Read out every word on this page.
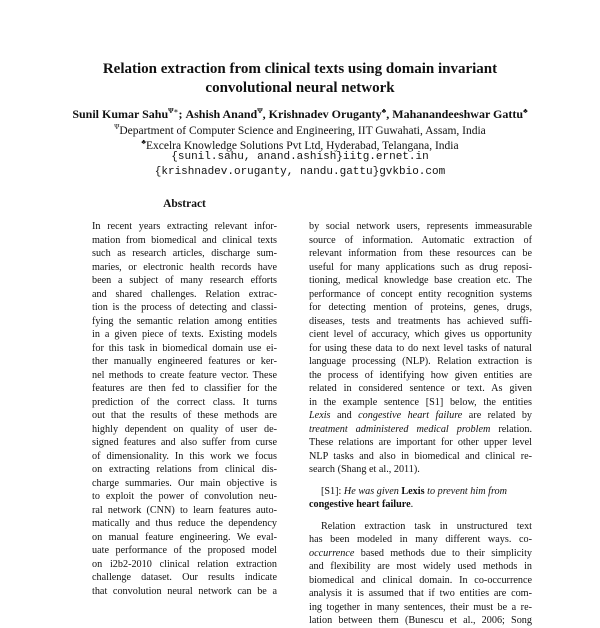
Relation extraction from clinical texts using domain invariant
convolutional neural network
Sunil Kumar Sahu$^{\Psi∗}$; Ashish Anand$^\Psi$, Krishnadev Oruganty♣, Mahanandeeshwar Gattu♣
$^\Psi$Department of Computer Science and Engineering, IIT Guwahati, Assam, India
♣Excelra Knowledge Solutions Pvt Ltd, Hyderabad, Telangana, India
{sunil.sahu, anand.ashish}iitg.ernet.in
{krishnadev.oruganty, nandu.gattu}gvkbio.com
Abstract
In recent years extracting relevant infor-
mation from biomedical and clinical texts
such as research articles, discharge sum-
maries, or electronic health records have
been a subject of many research efforts
and shared challenges. Relation extrac-
tion is the process of detecting and classi-
fying the semantic relation among entities
in a given piece of texts. Existing models
for this task in biomedical domain use ei-
ther manually engineered features or ker-
nel methods to create feature vector. These
features are then fed to classifier for the
prediction of the correct class. It turns
out that the results of these methods are
highly dependent on quality of user de-
signed features and also suffer from curse
of dimensionality. In this work we focus
on extracting relations from clinical dis-
charge summaries. Our main objective is
to exploit the power of convolution neu-
ral network (CNN) to learn features auto-
matically and thus reduce the dependency
on manual feature engineering. We eval-
uate performance of the proposed model
on i2b2-2010 clinical relation extraction
challenge dataset. Our results indicate
that convolution neural network can be a
by social network users, represents immeasurable
source of information. Automatic extraction of
relevant information from these resources can be
useful for many applications such as drug reposi-
tioning, medical knowledge base creation etc. The
performance of concept entity recognition systems
for detecting mention of proteins, genes, drugs,
diseases, tests and treatments has achieved suffi-
cient level of accuracy, which gives us opportunity
for using these data to do next level tasks of natural
language processing (NLP). Relation extraction is
the process of identifying how given entities are
related in considered sentence or text. As given
in the example sentence [S1] below, the entities
Lexis and congestive heart failure are related by
treatment administered medical problem relation.
These relations are important for other upper level
NLP tasks and also in biomedical and clinical re-
search (Shang et al., 2011).
[S1]: He was given Lexis to prevent him from
congestive heart failure.
Relation extraction task in unstructured text
has been modeled in many different ways. co-
occurrence based methods due to their simplicity
and flexibility are most widely used methods in
biomedical and clinical domain. In co-occurrence
analysis it is assumed that if two entities are com-
ing together in many sentences, their must be a re-
lation between them (Bunescu et al., 2006; Song
